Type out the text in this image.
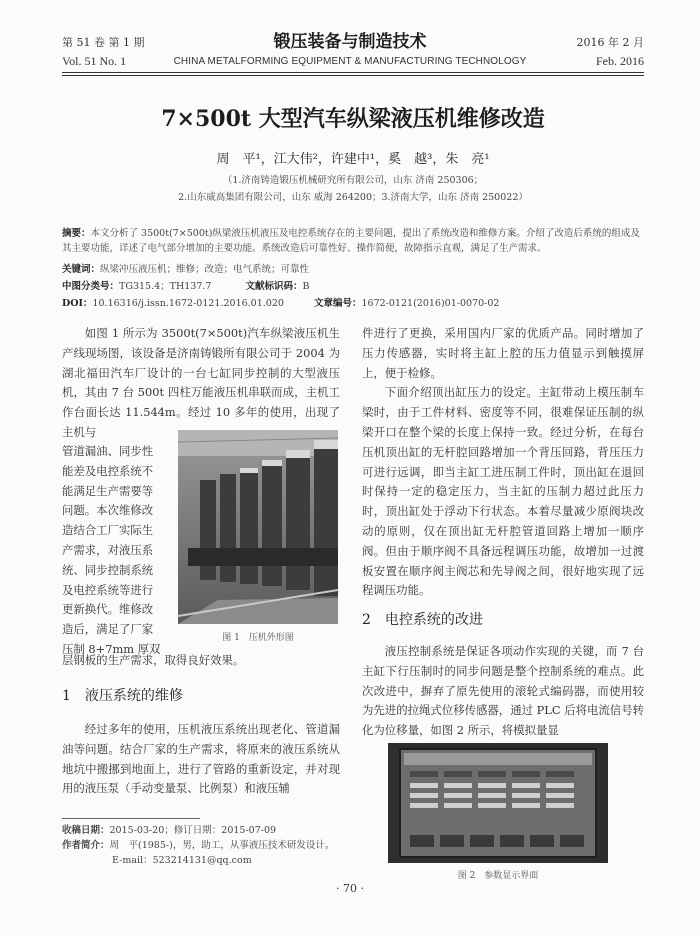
第 51 卷 第 1 期
Vol. 51 No. 1
锻压装备与制造技术
CHINA METALFORMING EQUIPMENT & MANUFACTURING TECHNOLOGY
2016 年 2 月
Feb. 2016
7×500t 大型汽车纵梁液压机维修改造
周　平¹，江大伟²，许建中¹，奚　越³，朱　亮¹
（1.济南铸造锻压机械研究所有限公司，山东 济南 250306；
2.山东威高集团有限公司，山东 威海 264200；3.济南大学，山东 济南 250022）
摘要：本文分析了 3500t(7×500t)纵梁液压机液压及电控系统存在的主要问题，提出了系统改造和维修方案。介绍了改造后系统的组成及其主要功能，详述了电气部分增加的主要功能。系统改造后可靠性好、操作简便，故障指示直观，满足了生产需求。
关键词：纵梁冲压液压机；维修；改造；电气系统；可靠性
中图分类号：TG315.4；TH137.7	文献标识码：B
DOI：10.16316/j.issn.1672-0121.2016.01.020	文章编号：1672-0121(2016)01-0070-02

如图 1 所示为 3500t(7×500t)汽车纵梁液压机生产线现场图，该设备是济南铸锻所有限公司于 2004 为湖北福田汽车厂设计的一台七缸同步控制的大型液压机，其由 7 台 500t 四柱万能液压机串联而成，主机工作台面长达 11.544m。经过 10 多年的使用，出现了主机与

管道漏油、同步性
能差及电控系统不
能满足生产需要等
问题。本次维修改
造结合工厂实际生
产需求，对液压系
统、同步控制系统
及电控系统等进行
更新换代。维修改
造后，满足了厂家
压制 8+7mm 厚双
图 1　压机外形图
层钢板的生产需求，取得良好效果。
1　液压系统的维修

经过多年的使用，压机液压系统出现老化、管道漏油等问题。结合厂家的生产需求，将原来的液压系统从地坑中搬挪到地面上，进行了管路的重新设定，并对现用的液压泵（手动变量泵、比例泵）和液压辅

件进行了更换，采用国内厂家的优质产品。同时增加了压力传感器，实时将主缸上腔的压力值显示到触摸屏上，便于检修。

下面介绍顶出缸压力的设定。主缸带动上模压制车梁时，由于工件材料、密度等不同，很难保证压制的纵梁开口在整个梁的长度上保持一致。经过分析，在每台压机顶出缸的无杆腔回路增加一个背压回路，背压压力可进行远调，即当主缸工进压制工件时，顶出缸在退回时保持一定的稳定压力，当主缸的压制力超过此压力时，顶出缸处于浮动下行状态。本着尽量减少原阀块改动的原则，仅在顶出缸无杆腔管道回路上增加一顺序阀。但由于顺序阀不具备远程调压功能，故增加一过渡板安置在顺序阀主阀芯和先导阀之间，很好地实现了远程调压功能。

2　电控系统的改进

液压控制系统是保证各项动作实现的关键，而 7 台主缸下行压制时的同步问题是整个控制系统的难点。此次改进中，摒弃了原先使用的滚轮式编码器，而使用较为先进的拉绳式位移传感器，通过 PLC 后将电流信号转化为位移量，如图 2 所示，将模拟量显

图 2　参数显示界面
收稿日期：2015-03-20；修订日期：2015-07-09
作者简介：周　平(1985-)，男，助工，从事液压技术研发设计。
E-mail：523214131@qq.com
· 70 ·
